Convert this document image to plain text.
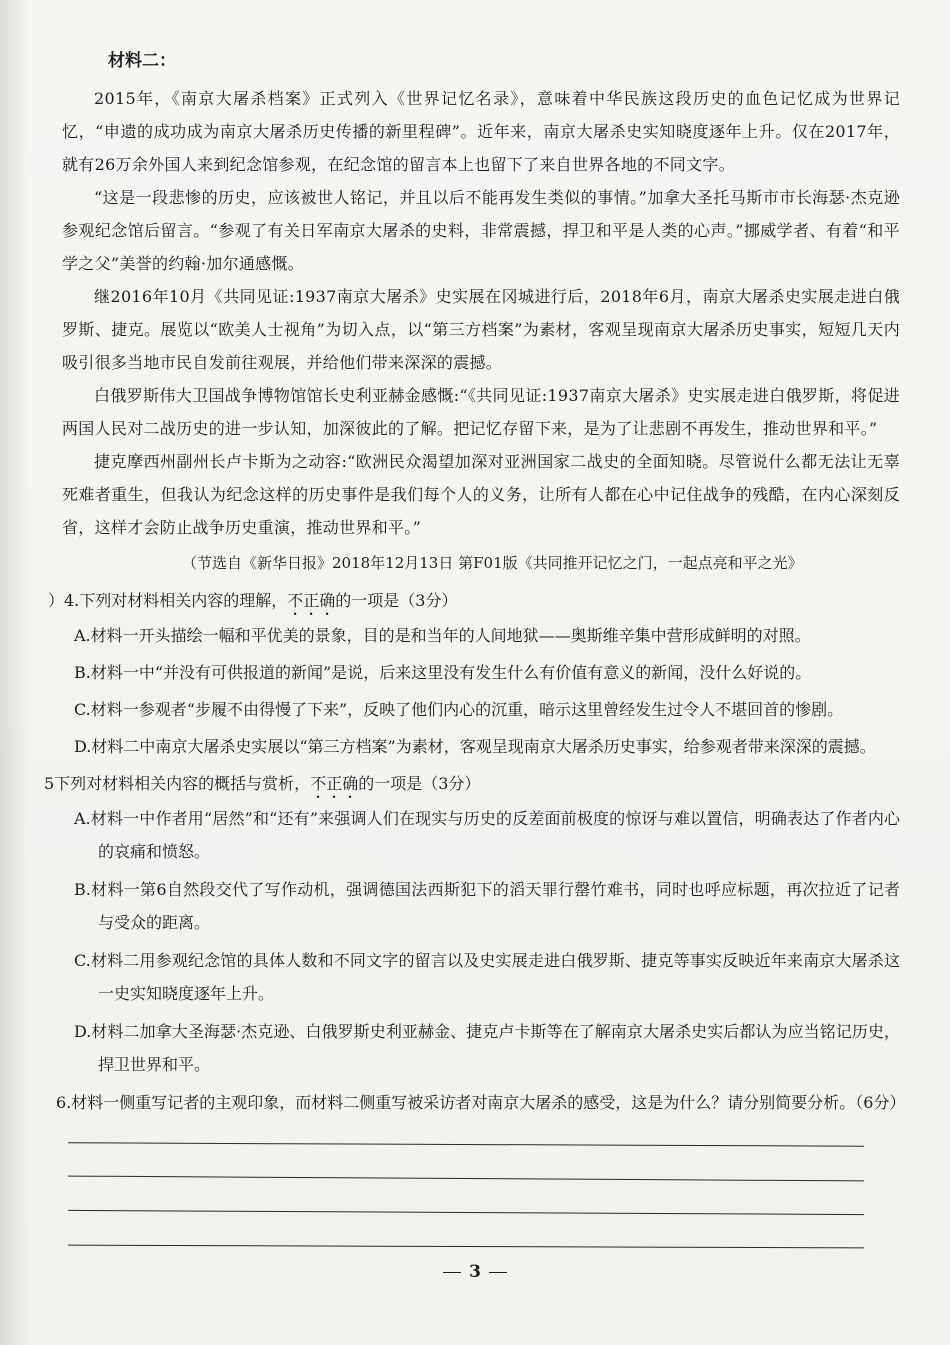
材料二：

2015年，《南京大屠杀档案》正式列入《世界记忆名录》，意味着中华民族这段历史的血色记忆成为世界记忆，“申遗的成功成为南京大屠杀历史传播的新里程碑”。近年来，南京大屠杀史实知晓度逐年上升。仅在2017年，就有26万余外国人来到纪念馆参观，在纪念馆的留言本上也留下了来自世界各地的不同文字。

“这是一段悲惨的历史，应该被世人铭记，并且以后不能再发生类似的事情。”加拿大圣托马斯市市长海瑟·杰克逊参观纪念馆后留言。“参观了有关日军南京大屠杀的史料，非常震撼，捍卫和平是人类的心声。”挪威学者、有着“和平学之父”美誉的约翰·加尔通感慨。

继2016年10月《共同见证:1937南京大屠杀》史实展在冈城进行后，2018年6月，南京大屠杀史实展走进白俄罗斯、捷克。展览以“欧美人士视角”为切入点，以“第三方档案”为素材，客观呈现南京大屠杀历史事实，短短几天内吸引很多当地市民自发前往观展，并给他们带来深深的震撼。

白俄罗斯伟大卫国战争博物馆馆长史利亚赫金感慨:“《共同见证:1937南京大屠杀》史实展走进白俄罗斯，将促进两国人民对二战历史的进一步认知，加深彼此的了解。把记忆存留下来，是为了让悲剧不再发生，推动世界和平。”

捷克摩西州副州长卢卡斯为之动容:“欧洲民众渴望加深对亚洲国家二战史的全面知晓。尽管说什么都无法让无辜死难者重生，但我认为纪念这样的历史事件是我们每个人的义务，让所有人都在心中记住战争的残酷，在内心深刻反省，这样才会防止战争历史重演，推动世界和平。”

（节选自《新华日报》2018年12月13日 第F01版《共同推开记忆之门，一起点亮和平之光》
）4.下列对材料相关内容的理解，不正确的一项是（3分）
A.材料一开头描绘一幅和平优美的景象，目的是和当年的人间地狱——奥斯维辛集中营形成鲜明的对照。
B.材料一中“并没有可供报道的新闻”是说，后来这里没有发生什么有价值有意义的新闻，没什么好说的。
C.材料一参观者“步履不由得慢了下来”，反映了他们内心的沉重，暗示这里曾经发生过令人不堪回首的惨剧。
D.材料二中南京大屠杀史实展以“第三方档案”为素材，客观呈现南京大屠杀历史事实，给参观者带来深深的震撼。
5下列对材料相关内容的概括与赏析，不正确的一项是（3分）
A.材料一中作者用“居然”和“还有”来强调人们在现实与历史的反差面前极度的惊讶与难以置信，明确表达了作者内心的哀痛和愤怒。
B.材料一第6自然段交代了写作动机，强调德国法西斯犯下的滔天罪行罄竹难书，同时也呼应标题，再次拉近了记者与受众的距离。
C.材料二用参观纪念馆的具体人数和不同文字的留言以及史实展走进白俄罗斯、捷克等事实反映近年来南京大屠杀这一史实知晓度逐年上升。
D.材料二加拿大圣海瑟·杰克逊、白俄罗斯史利亚赫金、捷克卢卡斯等在了解南京大屠杀史实后都认为应当铭记历史，捍卫世界和平。
6.材料一侧重写记者的主观印象，而材料二侧重写被采访者对南京大屠杀的感受，这是为什么？请分别简要分析。（6分）
3
